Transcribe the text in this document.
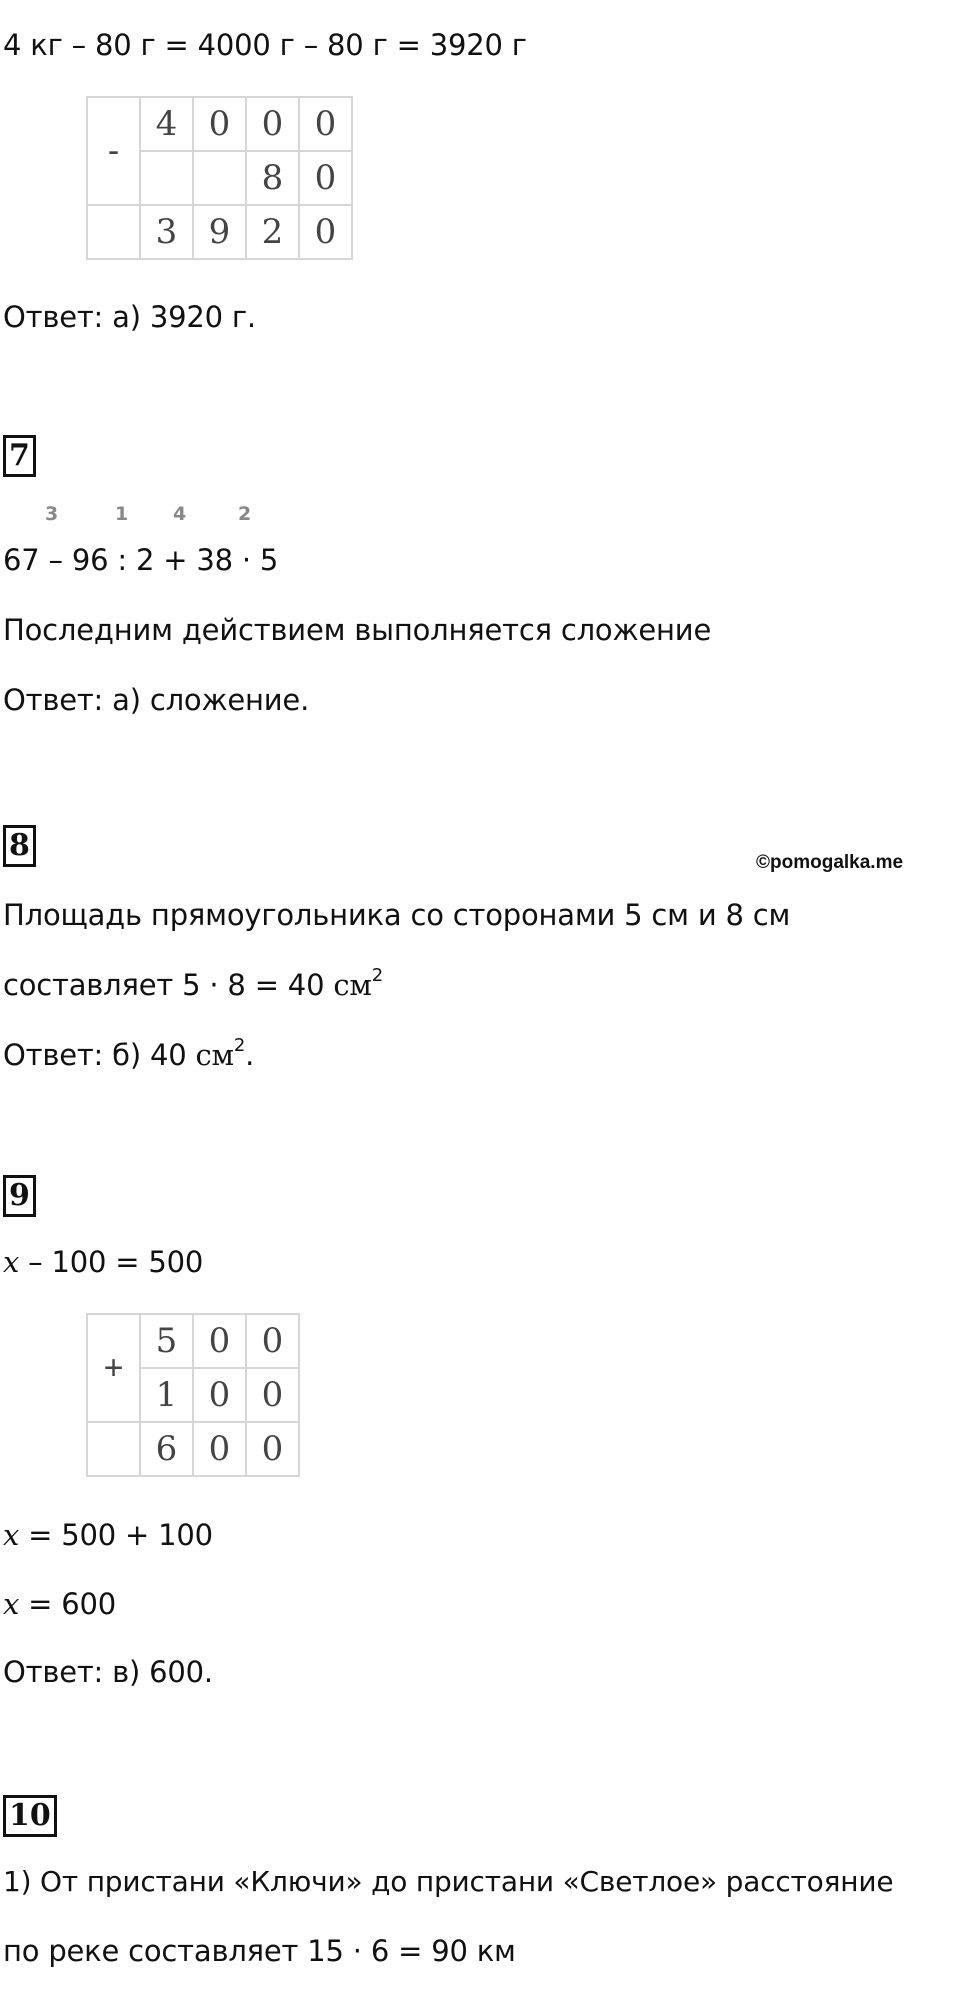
4 кг – 80 г = 4000 г – 80 г = 3920 г
-	4	0	0	0
			8	0
	3	9	2	0
Ответ: а) 3920 г.
7
3	1 4	2
67 – 96 : 2 + 38 · 5
Последним действием выполняется сложение
Ответ: а) сложение.
8	©pomogalka.me
Площадь прямоугольника со сторонами 5 см и 8 см
составляет 5 · 8 = 40 $см^2$
Ответ: б) 40 $см^2$.
9
x – 100 = 500
+	5	0	0
	1	0	0
	6	0	0
x = 500 + 100
x = 600
Ответ: в) 600.
10
1) От пристани «Ключи» до пристани «Светлое» расстояние
по реке составляет 15 · 6 = 90 км
